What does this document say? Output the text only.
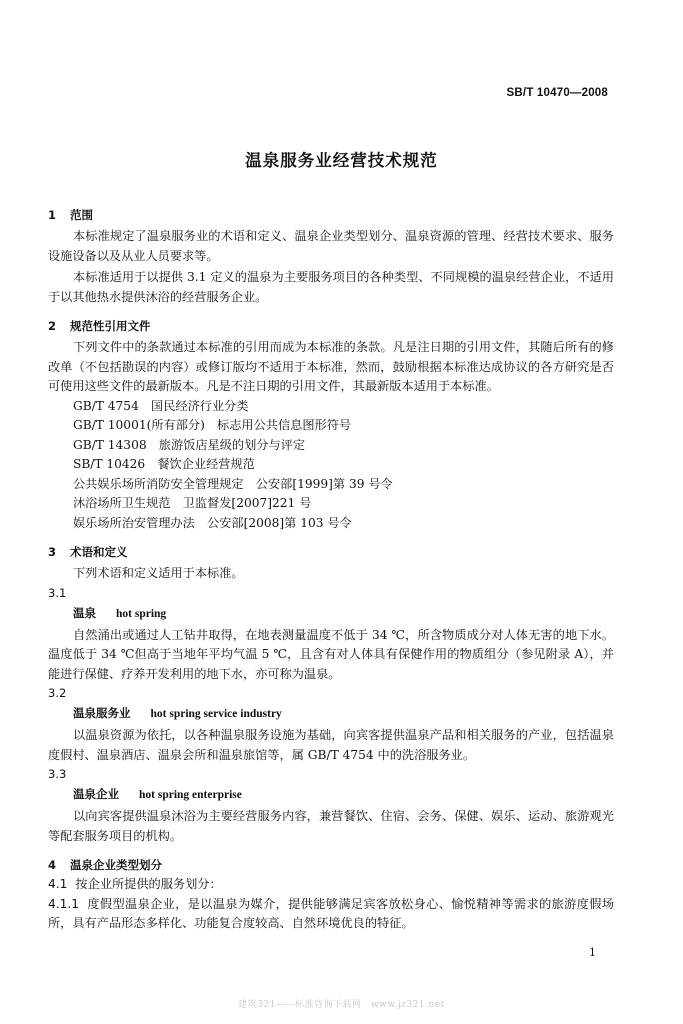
SB/T 10470—2008
温泉服务业经营技术规范
1 范围

本标准规定了温泉服务业的术语和定义、温泉企业类型划分、温泉资源的管理、经营技术要求、服务设施设备以及从业人员要求等。

本标准适用于以提供 3.1 定义的温泉为主要服务项目的各种类型、不同规模的温泉经营企业，不适用于以其他热水提供沐浴的经营服务企业。

2 规范性引用文件

下列文件中的条款通过本标准的引用而成为本标准的条款。凡是注日期的引用文件，其随后所有的修改单（不包括勘误的内容）或修订版均不适用于本标准，然而，鼓励根据本标准达成协议的各方研究是否可使用这些文件的最新版本。凡是不注日期的引用文件，其最新版本适用于本标准。

GB/T 4754　国民经济行业分类
GB/T 10001(所有部分)　标志用公共信息图形符号
GB/T 14308　旅游饭店星级的划分与评定
SB/T 10426　餐饮企业经营规范
公共娱乐场所消防安全管理规定　公安部[1999]第 39 号令
沐浴场所卫生规范　卫监督发[2007]221 号
娱乐场所治安管理办法　公安部[2008]第 103 号令
3 术语和定义

下列术语和定义适用于本标准。

3.1
温泉 hot spring

自然涌出或通过人工钻井取得，在地表测量温度不低于 34 ℃，所含物质成分对人体无害的地下水。温度低于 34 ℃但高于当地年平均气温 5 ℃，且含有对人体具有保健作用的物质组分（参见附录 A），并能进行保健、疗养开发利用的地下水，亦可称为温泉。

3.2
温泉服务业 hot spring service industry

以温泉资源为依托，以各种温泉服务设施为基础，向宾客提供温泉产品和相关服务的产业，包括温泉度假村、温泉酒店、温泉会所和温泉旅馆等，属 GB/T 4754 中的洗浴服务业。

3.3
温泉企业 hot spring enterprise

以向宾客提供温泉沐浴为主要经营服务内容，兼营餐饮、住宿、会务、保健、娱乐、运动、旅游观光等配套服务项目的机构。

4 温泉企业类型划分
4.1 按企业所提供的服务划分：
4.1.1 度假型温泉企业，是以温泉为媒介，提供能够满足宾客放松身心、愉悦精神等需求的旅游度假场所，具有产品形态多样化、功能复合度较高、自然环境优良的特征。
1
建筑321——标准咨询下载网　www.jz321.net
